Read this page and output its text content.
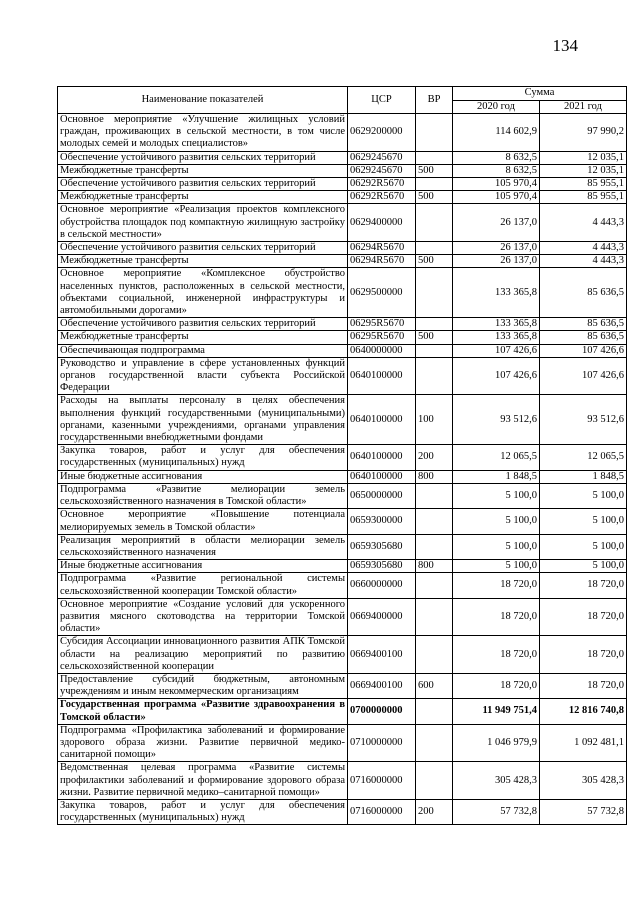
134
Наименование показателей	ЦСР	ВР	Сумма	
			2020 год	2021 год
Основное мероприятие «Улучшение жилищных условий граждан, проживающих в сельской местности, в том числе молодых семей и молодых специалистов»	0629200000		114 602,9	97 990,2
Обеспечение устойчивого развития сельских территорий	0629245670		8 632,5	12 035,1
Межбюджетные трансферты	0629245670	500	8 632,5	12 035,1
Обеспечение устойчивого развития сельских территорий	06292R5670		105 970,4	85 955,1
Межбюджетные трансферты	06292R5670	500	105 970,4	85 955,1
Основное мероприятие «Реализация проектов комплексного обустройства площадок под компактную жилищную застройку в сельской местности»	0629400000		26 137,0	4 443,3
Обеспечение устойчивого развития сельских территорий	06294R5670		26 137,0	4 443,3
Межбюджетные трансферты	06294R5670	500	26 137,0	4 443,3
Основное мероприятие «Комплексное обустройство населенных пунктов, расположенных в сельской местности, объектами социальной, инженерной инфраструктуры и автомобильными дорогами»	0629500000		133 365,8	85 636,5
Обеспечение устойчивого развития сельских территорий	06295R5670		133 365,8	85 636,5
Межбюджетные трансферты	06295R5670	500	133 365,8	85 636,5
Обеспечивающая подпрограмма	0640000000		107 426,6	107 426,6
Руководство и управление в сфере установленных функций органов государственной власти субъекта Российской Федерации	0640100000		107 426,6	107 426,6
Расходы на выплаты персоналу в целях обеспечения выполнения функций государственными (муниципальными) органами, казенными учреждениями, органами управления государственными внебюджетными фондами	0640100000	100	93 512,6	93 512,6
Закупка товаров, работ и услуг для обеспечения государственных (муниципальных) нужд	0640100000	200	12 065,5	12 065,5
Иные бюджетные ассигнования	0640100000	800	1 848,5	1 848,5
Подпрограмма «Развитие мелиорации земель сельскохозяйственного назначения в Томской области»	0650000000		5 100,0	5 100,0
Основное мероприятие «Повышение потенциала мелиорируемых земель в Томской области»	0659300000		5 100,0	5 100,0
Реализация мероприятий в области мелиорации земель сельскохозяйственного назначения	0659305680		5 100,0	5 100,0
Иные бюджетные ассигнования	0659305680	800	5 100,0	5 100,0
Подпрограмма «Развитие региональной системы сельскохозяйственной кооперации Томской области»	0660000000		18 720,0	18 720,0
Основное мероприятие «Создание условий для ускоренного развития мясного скотоводства на территории Томской области»	0669400000		18 720,0	18 720,0
Субсидия Ассоциации инновационного развития АПК Томской области на реализацию мероприятий по развитию сельскохозяйственной кооперации	0669400100		18 720,0	18 720,0
Предоставление субсидий бюджетным, автономным учреждениям и иным некоммерческим организациям	0669400100	600	18 720,0	18 720,0
Государственная программа «Развитие здравоохранения в Томской области»	0700000000		11 949 751,4	12 816 740,8
Подпрограмма «Профилактика заболеваний и формирование здорового образа жизни. Развитие первичной медико-санитарной помощи»	0710000000		1 046 979,9	1 092 481,1
Ведомственная целевая программа «Развитие системы профилактики заболеваний и формирование здорового образа жизни. Развитие первичной медико–санитарной помощи»	0716000000		305 428,3	305 428,3
Закупка товаров, работ и услуг для обеспечения государственных (муниципальных) нужд	0716000000	200	57 732,8	57 732,8
